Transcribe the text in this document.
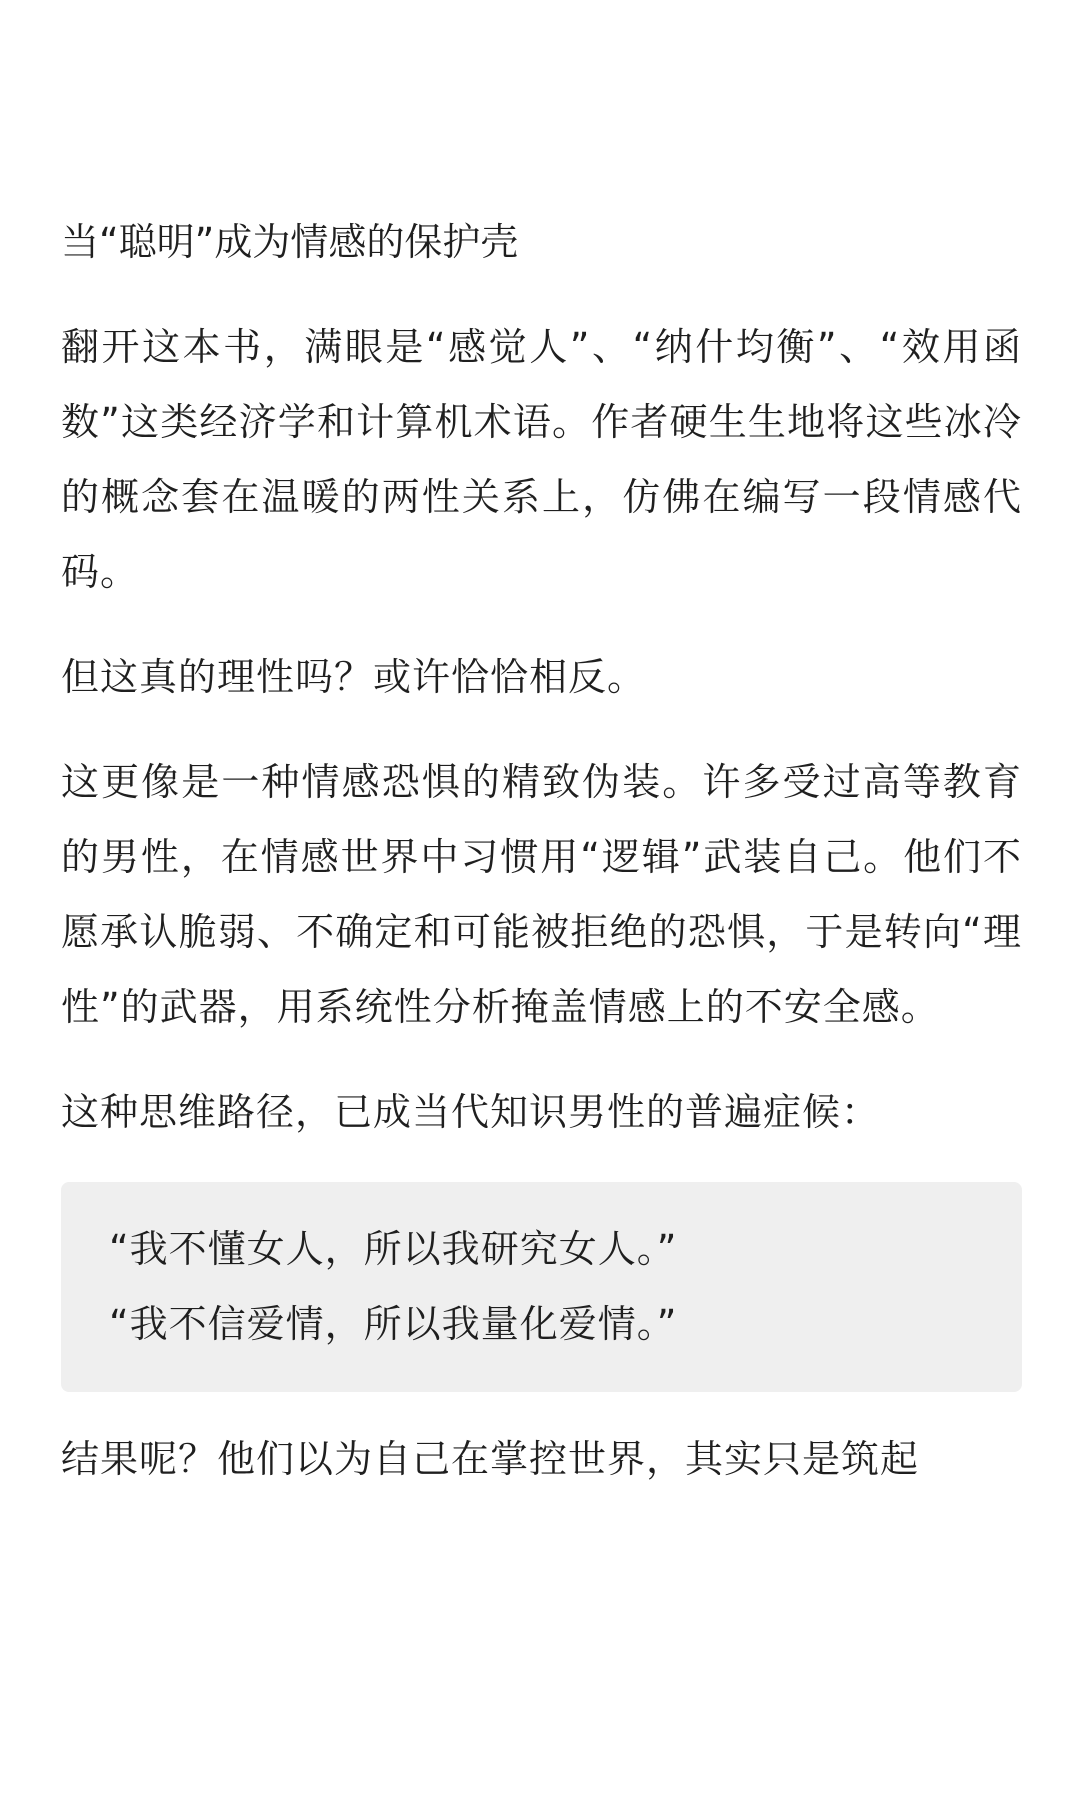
当“聪明”成为情感的保护壳

翻开这本书，满眼是“感觉人”、“纳什均衡”、“效用函数”这类经济学和计算机术语。作者硬生生地将这些冰冷的概念套在温暖的两性关系上，仿佛在编写一段情感代码。

但这真的理性吗？或许恰恰相反。

这更像是一种情感恐惧的精致伪装。许多受过高等教育的男性，在情感世界中习惯用“逻辑”武装自己。他们不愿承认脆弱、不确定和可能被拒绝的恐惧，于是转向“理性”的武器，用系统性分析掩盖情感上的不安全感。

这种思维路径，已成当代知识男性的普遍症候：

“我不懂女人，所以我研究女人。”
“我不信爱情，所以我量化爱情。”

结果呢？他们以为自己在掌控世界，其实只是筑起
